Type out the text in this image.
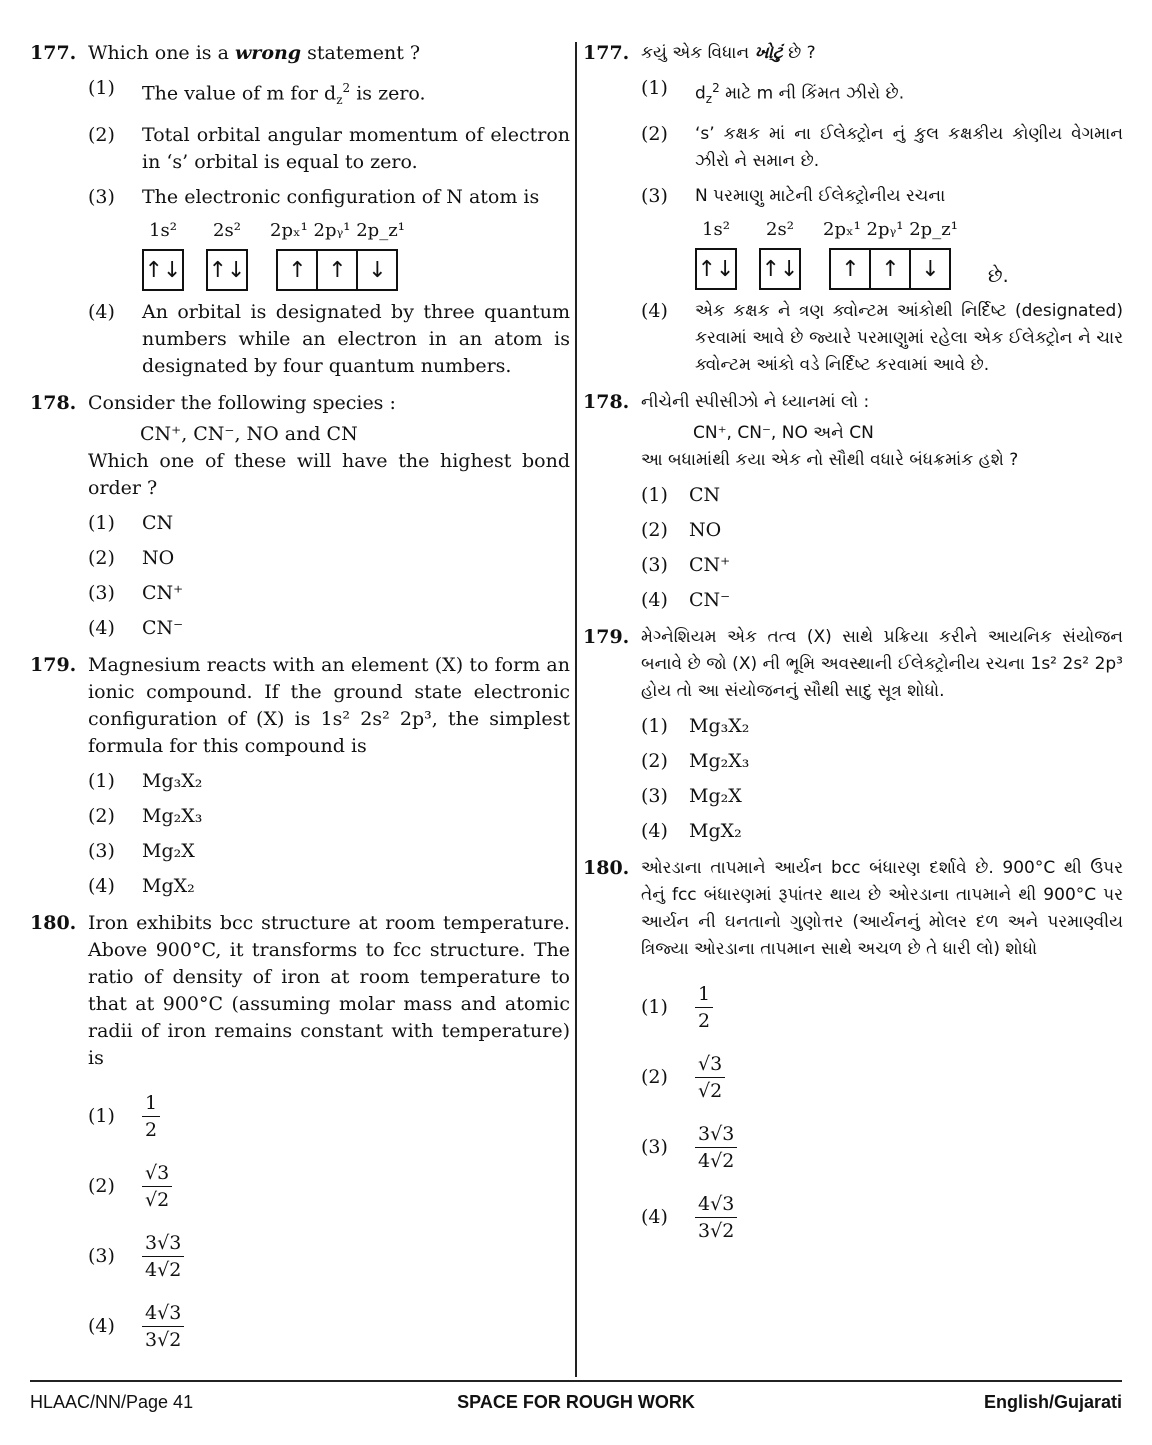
177. Which one is a wrong statement ?
(1) The value of m for $d_z^2$ is zero.
(2) Total orbital angular momentum of electron in ‘s’ orbital is equal to zero.
(3) The electronic configuration of N atom is
1s²
↑↓
2s²
↑↓
2pₓ¹ 2pᵧ¹ 2p_z¹
↑ ↑ ↓
(4) An orbital is designated by three quantum numbers while an electron in an atom is designated by four quantum numbers.
178. Consider the following species :
CN⁺, CN⁻, NO and CN
Which one of these will have the highest bond order ?
(1) CN
(2) NO
(3) CN⁺
(4) CN⁻
179. Magnesium reacts with an element (X) to form an ionic compound. If the ground state electronic configuration of (X) is 1s² 2s² 2p³, the simplest formula for this compound is
(1) Mg₃X₂
(2) Mg₂X₃
(3) Mg₂X
(4) MgX₂
180. Iron exhibits bcc structure at room temperature. Above 900°C, it transforms to fcc structure. The ratio of density of iron at room temperature to that at 900°C (assuming molar mass and atomic radii of iron remains constant with temperature) is
(1)	$\frac{1}{2}$
(2)	$\frac{√3}{√2}$
(3)	$\frac{3√3}{4√2}$
(4)	$\frac{4√3}{3√2}$
177. કયું એક વિધાન ખોટું છે ?
(1) $d_z^2$ માટે m ની કિંમત ઝીરો છે.
(2) ‘s’ કક્ષક માં ના ઈલેક્ટ્રોન નું કુલ કક્ષકીય કોણીય વેગમાન ઝીરો ને સમાન છે.
(3) N પરમાણુ માટેની ઈલેક્ટ્રોનીય રચના
1s²
↑↓
2s²
↑↓
2pₓ¹ 2pᵧ¹ 2p_z¹
↑ ↑ ↓	છે.
(4) એક કક્ષક ને ત્રણ ક્વોન્ટમ આંકોથી નિર્દિષ્ટ (designated) કરવામાં આવે છે જ્યારે પરમાણુમાં રહેલા એક ઈલેક્ટ્રોન ને ચાર ક્વોન્ટમ આંકો વડે નિર્દિષ્ટ કરવામાં આવે છે.
178. નીચેની સ્પીસીઝો ને ધ્યાનમાં લો :
CN⁺, CN⁻, NO અને CN
આ બધામાંથી કયા એક નો સૌથી વધારે બંધક્રમાંક હશે ?
(1) CN
(2) NO
(3) CN⁺
(4) CN⁻
179. મેગ્નેશિયમ એક તત્વ (X) સાથે પ્રક્રિયા કરીને આયનિક સંયોજન બનાવે છે જો (X) ની ભૂમિ અવસ્થાની ઈલેક્ટ્રોનીય રચના 1s² 2s² 2p³ હોય તો આ સંયોજનનું સૌથી સાદુ સૂત્ર શોધો.
(1) Mg₃X₂
(2) Mg₂X₃
(3) Mg₂X
(4) MgX₂
180. ઓરડાના તાપમાને આર્યન bcc બંધારણ દર્શાવે છે. 900°C થી ઉપર તેનું fcc બંધારણમાં રૂપાંતર થાય છે ઓરડાના તાપમાને થી 900°C પર આર્યન ની ઘનતાનો ગુણોત્તર (આર્યનનું મોલર દળ અને પરમાણ્વીય ત્રિજ્યા ઓરડાના તાપમાન સાથે અચળ છે તે ધારી લો) શોધો
(1)	$\frac{1}{2}$
(2)	$\frac{√3}{√2}$
(3)	$\frac{3√3}{4√2}$
(4)	$\frac{4√3}{3√2}$
HLAAC/NN/Page 41	SPACE FOR ROUGH WORK	English/Gujarati
